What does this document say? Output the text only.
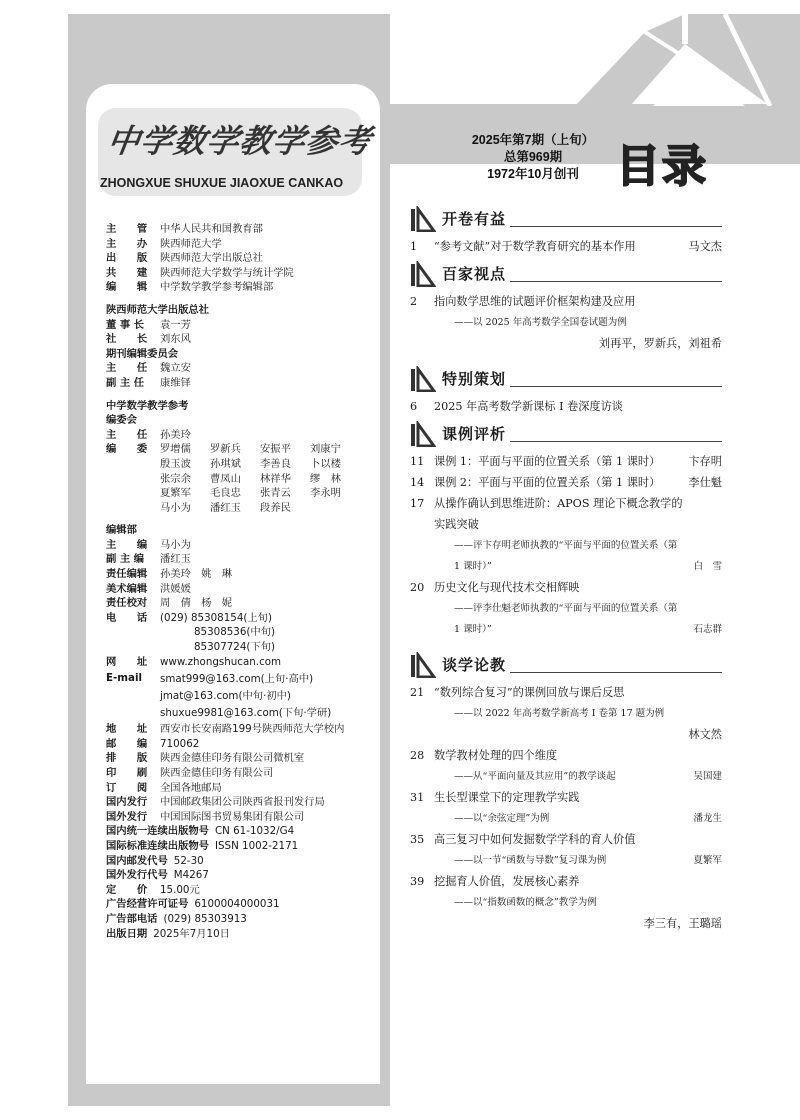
中学数学教学参考
ZHONGXUE SHUXUE JIAOXUE CANKAO
主　　管	中华人民共和国教育部
主　　办	陕西师范大学
出　　版	陕西师范大学出版总社
共　　建	陕西师范大学数学与统计学院
编　　辑	中学数学教学参考编辑部
陕西师范大学出版总社
董 事 长	袁一芳
社　　长	刘东风
期刊编辑委员会
主　　任	魏立安
副 主 任	康维铎
中学数学教学参考
编委会
主　　任	孙美玲
编　　委	罗增儒	罗新兵	安振平	刘康宁
殷玉波	孙琪斌	李善良	卜以楼
张宗余	曹凤山	林祥华	缪　林
夏繁军	毛良忠	张青云	李永明
马小为	潘红玉	段养民
编辑部
主　　编	马小为
副 主 编	潘红玉
责任编辑	孙美玲　姚　琳
美术编辑	洪媛媛
责任校对	周　倩　杨　妮
电　　话	(029) 85308154(上旬)
85308536(中旬)
85307724(下旬)
网　　址	www.zhongshucan.com
E-mail	smat999@163.com(上旬·高中)
jmat@163.com(中旬·初中)
shuxue9981@163.com(下旬·学研)
地　　址	西安市长安南路199号陕西师范大学校内
邮　　编	710062
排　　版	陕西金德佳印务有限公司微机室
印　　刷	陕西金德佳印务有限公司
订　　阅	全国各地邮局
国内发行	中国邮政集团公司陕西省报刊发行局
国外发行	中国国际图书贸易集团有限公司
国内统一连续出版物号 CN 61-1032/G4
国际标准连续出版物号 ISSN 1002-2171
国内邮发代号 52-30
国外发行代号 M4267
定　　价	15.00元
广告经营许可证号 6100004000031
广告部电话 (029) 85303913
出版日期 2025年7月10日
2025年第7期（上旬）
总第969期
1972年10月创刊 目录
开卷有益
1	“参考文献”对于数学教育研究的基本作用	马文杰
百家视点
2	指向数学思维的试题评价框架构建及应用
——以 2025 年高考数学全国卷试题为例
刘再平，罗新兵，刘祖希
特别策划
6	2025 年高考数学新课标 Ⅰ 卷深度访谈
课例评析
11 课例 1：平面与平面的位置关系（第 1 课时）	卞存明
14 课例 2：平面与平面的位置关系（第 1 课时）	李仕魁
17 从操作确认到思维进阶：APOS 理论下概念教学的
实践突破
——评卞存明老师执教的“平面与平面的位置关系（第
1 课时）”	白　雪
20 历史文化与现代技术交相辉映
——评李仕魁老师执教的“平面与平面的位置关系（第
1 课时）”	石志群
谈学论教
21 “数列综合复习”的课例回放与课后反思
——以 2022 年高考数学新高考 Ⅰ 卷第 17 题为例
林文然
28 数学教材处理的四个维度
——从“平面向量及其应用”的教学谈起	吴国建
31 生长型课堂下的定理教学实践
——以“余弦定理”为例	潘龙生
35 高三复习中如何发掘数学学科的育人价值
——以一节“函数与导数”复习课为例	夏繁军
39 挖掘育人价值，发展核心素养
——以“指数函数的概念”教学为例
李三有，王璐瑶
